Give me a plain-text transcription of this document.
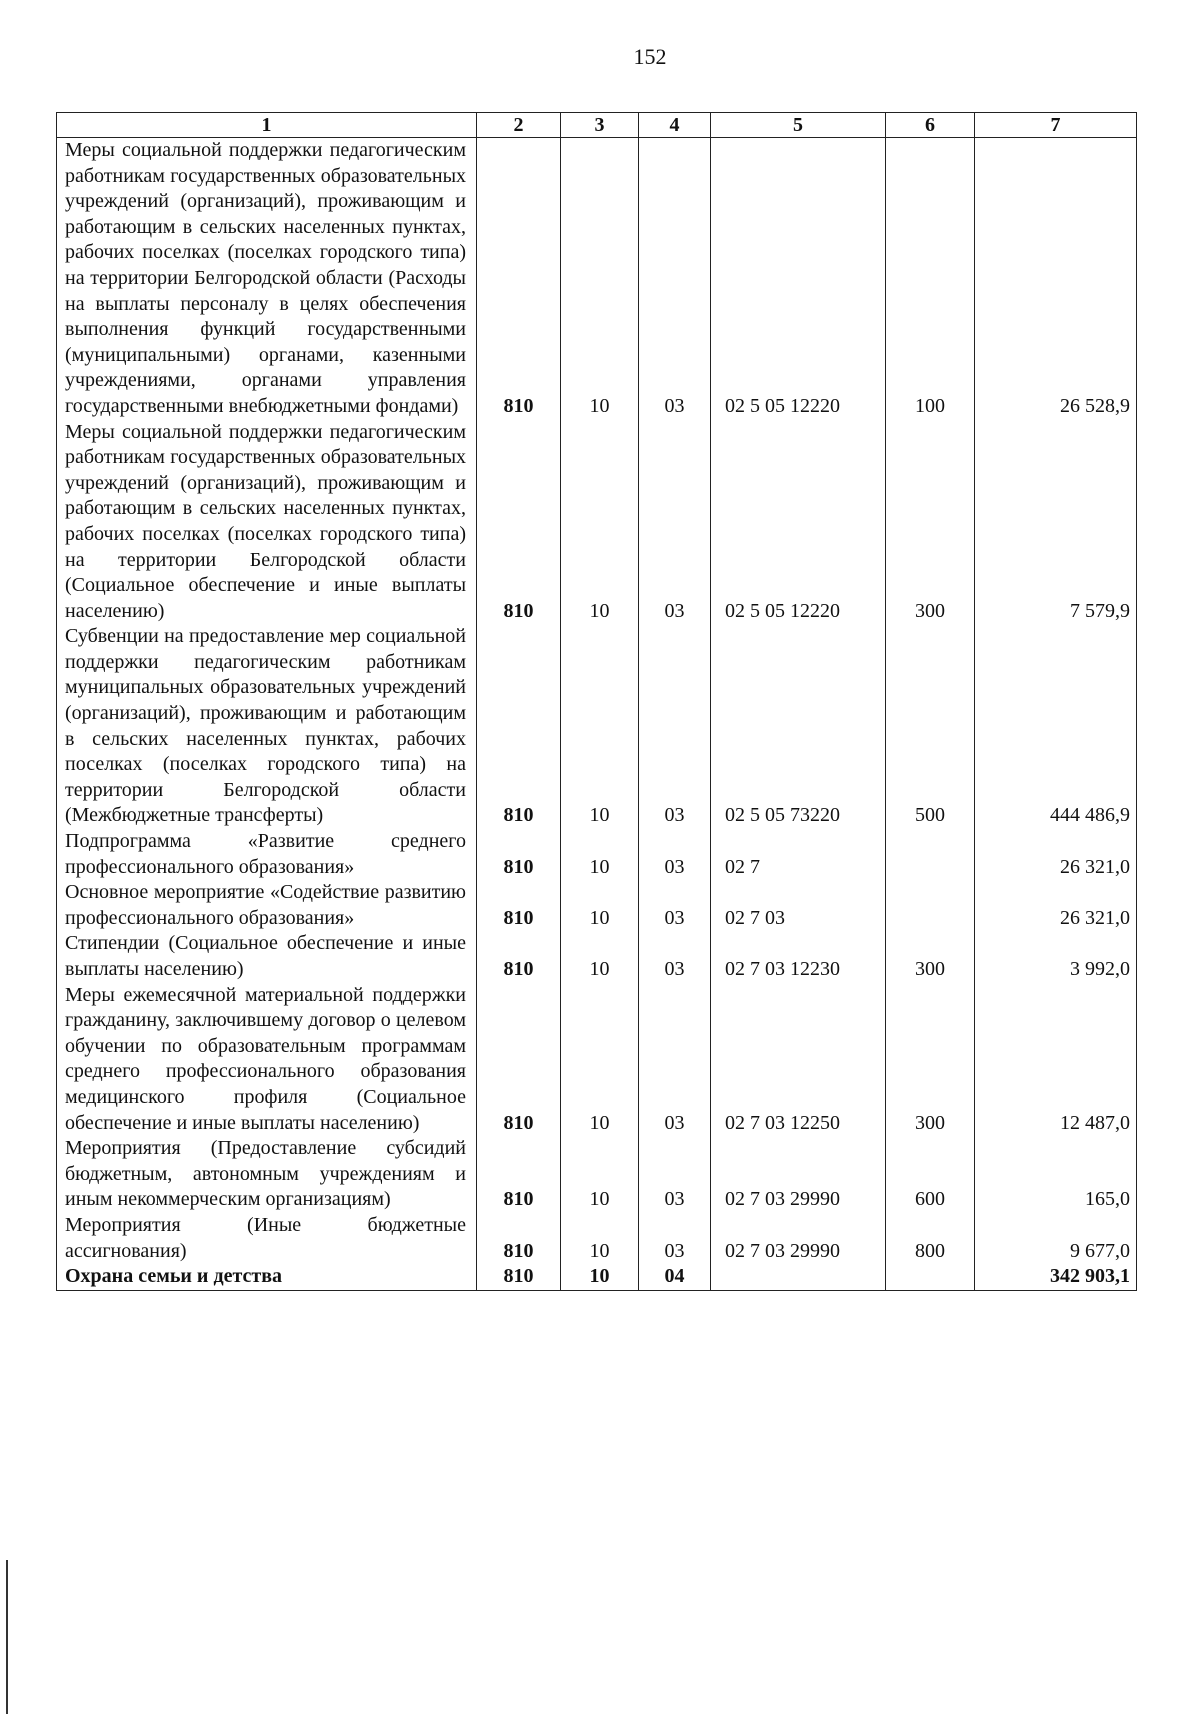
152
1	2	3	4	5	6	7
Меры социальной поддержки педагогическим работникам государственных образовательных учреждений (организаций), проживающим и работающим в сельских населенных пунктах, рабочих поселках (поселках городского типа) на территории Белгородской области (Расходы на выплаты персоналу в целях обеспечения выполнения функций государственными (муниципальными) органами, казенными учреждениями, органами управления государственными внебюджетными фондами)	810	10	03	02 5 05 12220	100	26 528,9
Меры социальной поддержки педагогическим работникам государственных образовательных учреждений (организаций), проживающим и работающим в сельских населенных пунктах, рабочих поселках (поселках городского типа) на территории Белгородской области (Социальное обеспечение и иные выплаты населению)	810	10	03	02 5 05 12220	300	7 579,9
Субвенции на предоставление мер социальной поддержки педагогическим работникам муниципальных образовательных учреждений (организаций), проживающим и работающим в сельских населенных пунктах, рабочих поселках (поселках городского типа) на территории Белгородской области (Межбюджетные трансферты)	810	10	03	02 5 05 73220	500	444 486,9
Подпрограмма «Развитие среднего профессионального образования»	810	10	03	02 7		26 321,0
Основное мероприятие «Содействие развитию профессионального образования»	810	10	03	02 7 03		26 321,0
Стипендии (Социальное обеспечение и иные выплаты населению)	810	10	03	02 7 03 12230	300	3 992,0
Меры ежемесячной материальной поддержки гражданину, заключившему договор о целевом обучении по образовательным программам среднего профессионального образования медицинского профиля (Социальное обеспечение и иные выплаты населению)	810	10	03	02 7 03 12250	300	12 487,0
Мероприятия (Предоставление субсидий бюджетным, автономным учреждениям и иным некоммерческим организациям)	810	10	03	02 7 03 29990	600	165,0
Мероприятия (Иные бюджетные ассигнования)	810	10	03	02 7 03 29990	800	9 677,0
Охрана семьи и детства	810	10	04			342 903,1
